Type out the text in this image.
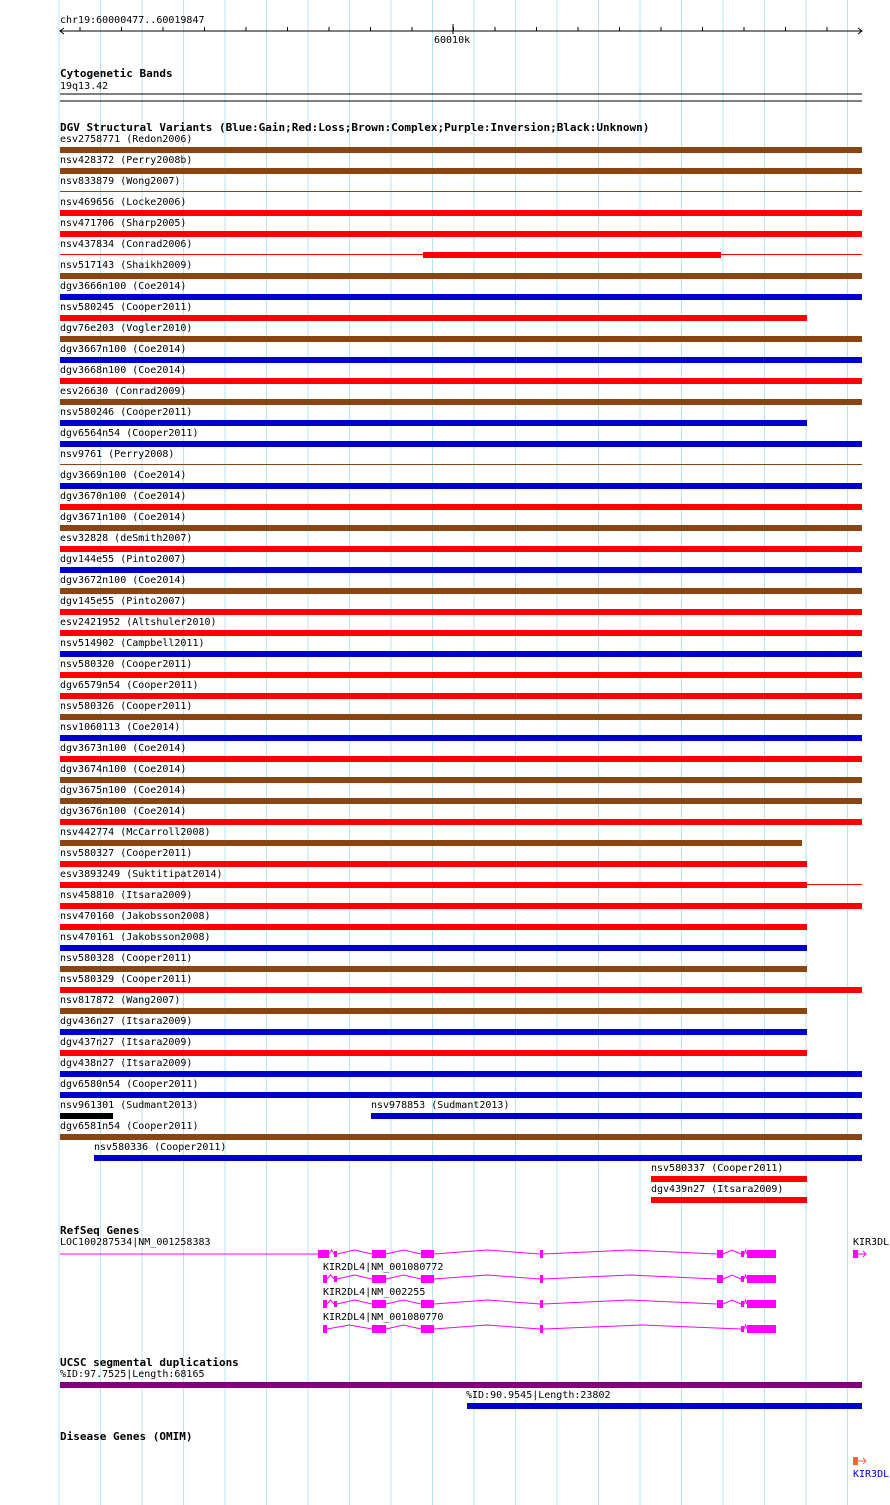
chr19:60000477..60019847
60010k
Cytogenetic Bands
19q13.42
DGV Structural Variants (Blue:Gain;Red:Loss;Brown:Complex;Purple:Inversion;Black:Unknown)
esv2758771 (Redon2006)
nsv428372 (Perry2008b)
nsv833879 (Wong2007)
nsv469656 (Locke2006)
nsv471706 (Sharp2005)
nsv437834 (Conrad2006)
nsv517143 (Shaikh2009)
dgv3666n100 (Coe2014)
nsv580245 (Cooper2011)
dgv76e203 (Vogler2010)
dgv3667n100 (Coe2014)
dgv3668n100 (Coe2014)
esv26630 (Conrad2009)
nsv580246 (Cooper2011)
dgv6564n54 (Cooper2011)
nsv9761 (Perry2008)
dgv3669n100 (Coe2014)
dgv3670n100 (Coe2014)
dgv3671n100 (Coe2014)
esv32828 (deSmith2007)
dgv144e55 (Pinto2007)
dgv3672n100 (Coe2014)
dgv145e55 (Pinto2007)
esv2421952 (Altshuler2010)
nsv514902 (Campbell2011)
nsv580320 (Cooper2011)
dgv6579n54 (Cooper2011)
nsv580326 (Cooper2011)
nsv1060113 (Coe2014)
dgv3673n100 (Coe2014)
dgv3674n100 (Coe2014)
dgv3675n100 (Coe2014)
dgv3676n100 (Coe2014)
nsv442774 (McCarroll2008)
nsv580327 (Cooper2011)
esv3893249 (Suktitipat2014)
nsv458810 (Itsara2009)
nsv470160 (Jakobsson2008)
nsv470161 (Jakobsson2008)
nsv580328 (Cooper2011)
nsv580329 (Cooper2011)
nsv817872 (Wang2007)
dgv436n27 (Itsara2009)
dgv437n27 (Itsara2009)
dgv438n27 (Itsara2009)
dgv6580n54 (Cooper2011)
nsv961301 (Sudmant2013)	nsv978853 (Sudmant2013)
dgv6581n54 (Cooper2011)
nsv580336 (Cooper2011)
nsv580337 (Cooper2011)
dgv439n27 (Itsara2009)
RefSeq Genes
LOC100287534|NM_001258383
KIR2DL4|NM_001080772
KIR2DL4|NM_002255
KIR2DL4|NM_001080770
KIR3DL
UCSC segmental duplications
%ID:97.7525|Length:68165
%ID:90.9545|Length:23802
Disease Genes (OMIM)
KIR3DL
